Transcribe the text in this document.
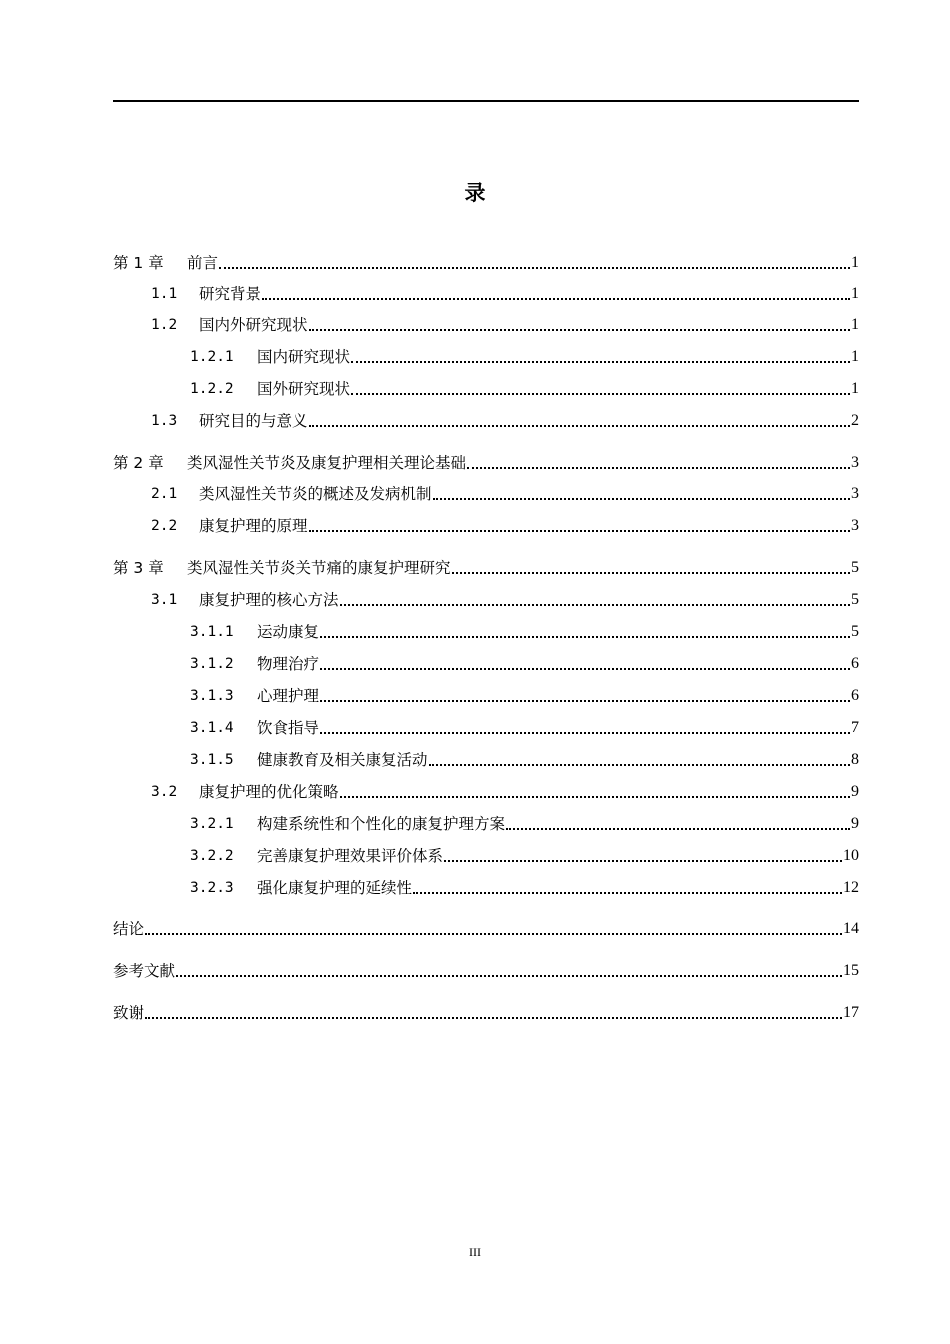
录
第 1 章	前言	1
1.1	研究背景	1
1.2	国内外研究现状	1
1.2.1	国内研究现状	1
1.2.2	国外研究现状	1
1.3	研究目的与意义	2
第 2 章	类风湿性关节炎及康复护理相关理论基础	3
2.1	类风湿性关节炎的概述及发病机制	3
2.2	康复护理的原理	3
第 3 章	类风湿性关节炎关节痛的康复护理研究	5
3.1	康复护理的核心方法	5
3.1.1	运动康复	5
3.1.2	物理治疗	6
3.1.3	心理护理	6
3.1.4	饮食指导	7
3.1.5	健康教育及相关康复活动	8
3.2	康复护理的优化策略	9
3.2.1	构建系统性和个性化的康复护理方案	9
3.2.2	完善康复护理效果评价体系	10
3.2.3	强化康复护理的延续性	12
结论	14
参考文献	15
致谢	17
III
